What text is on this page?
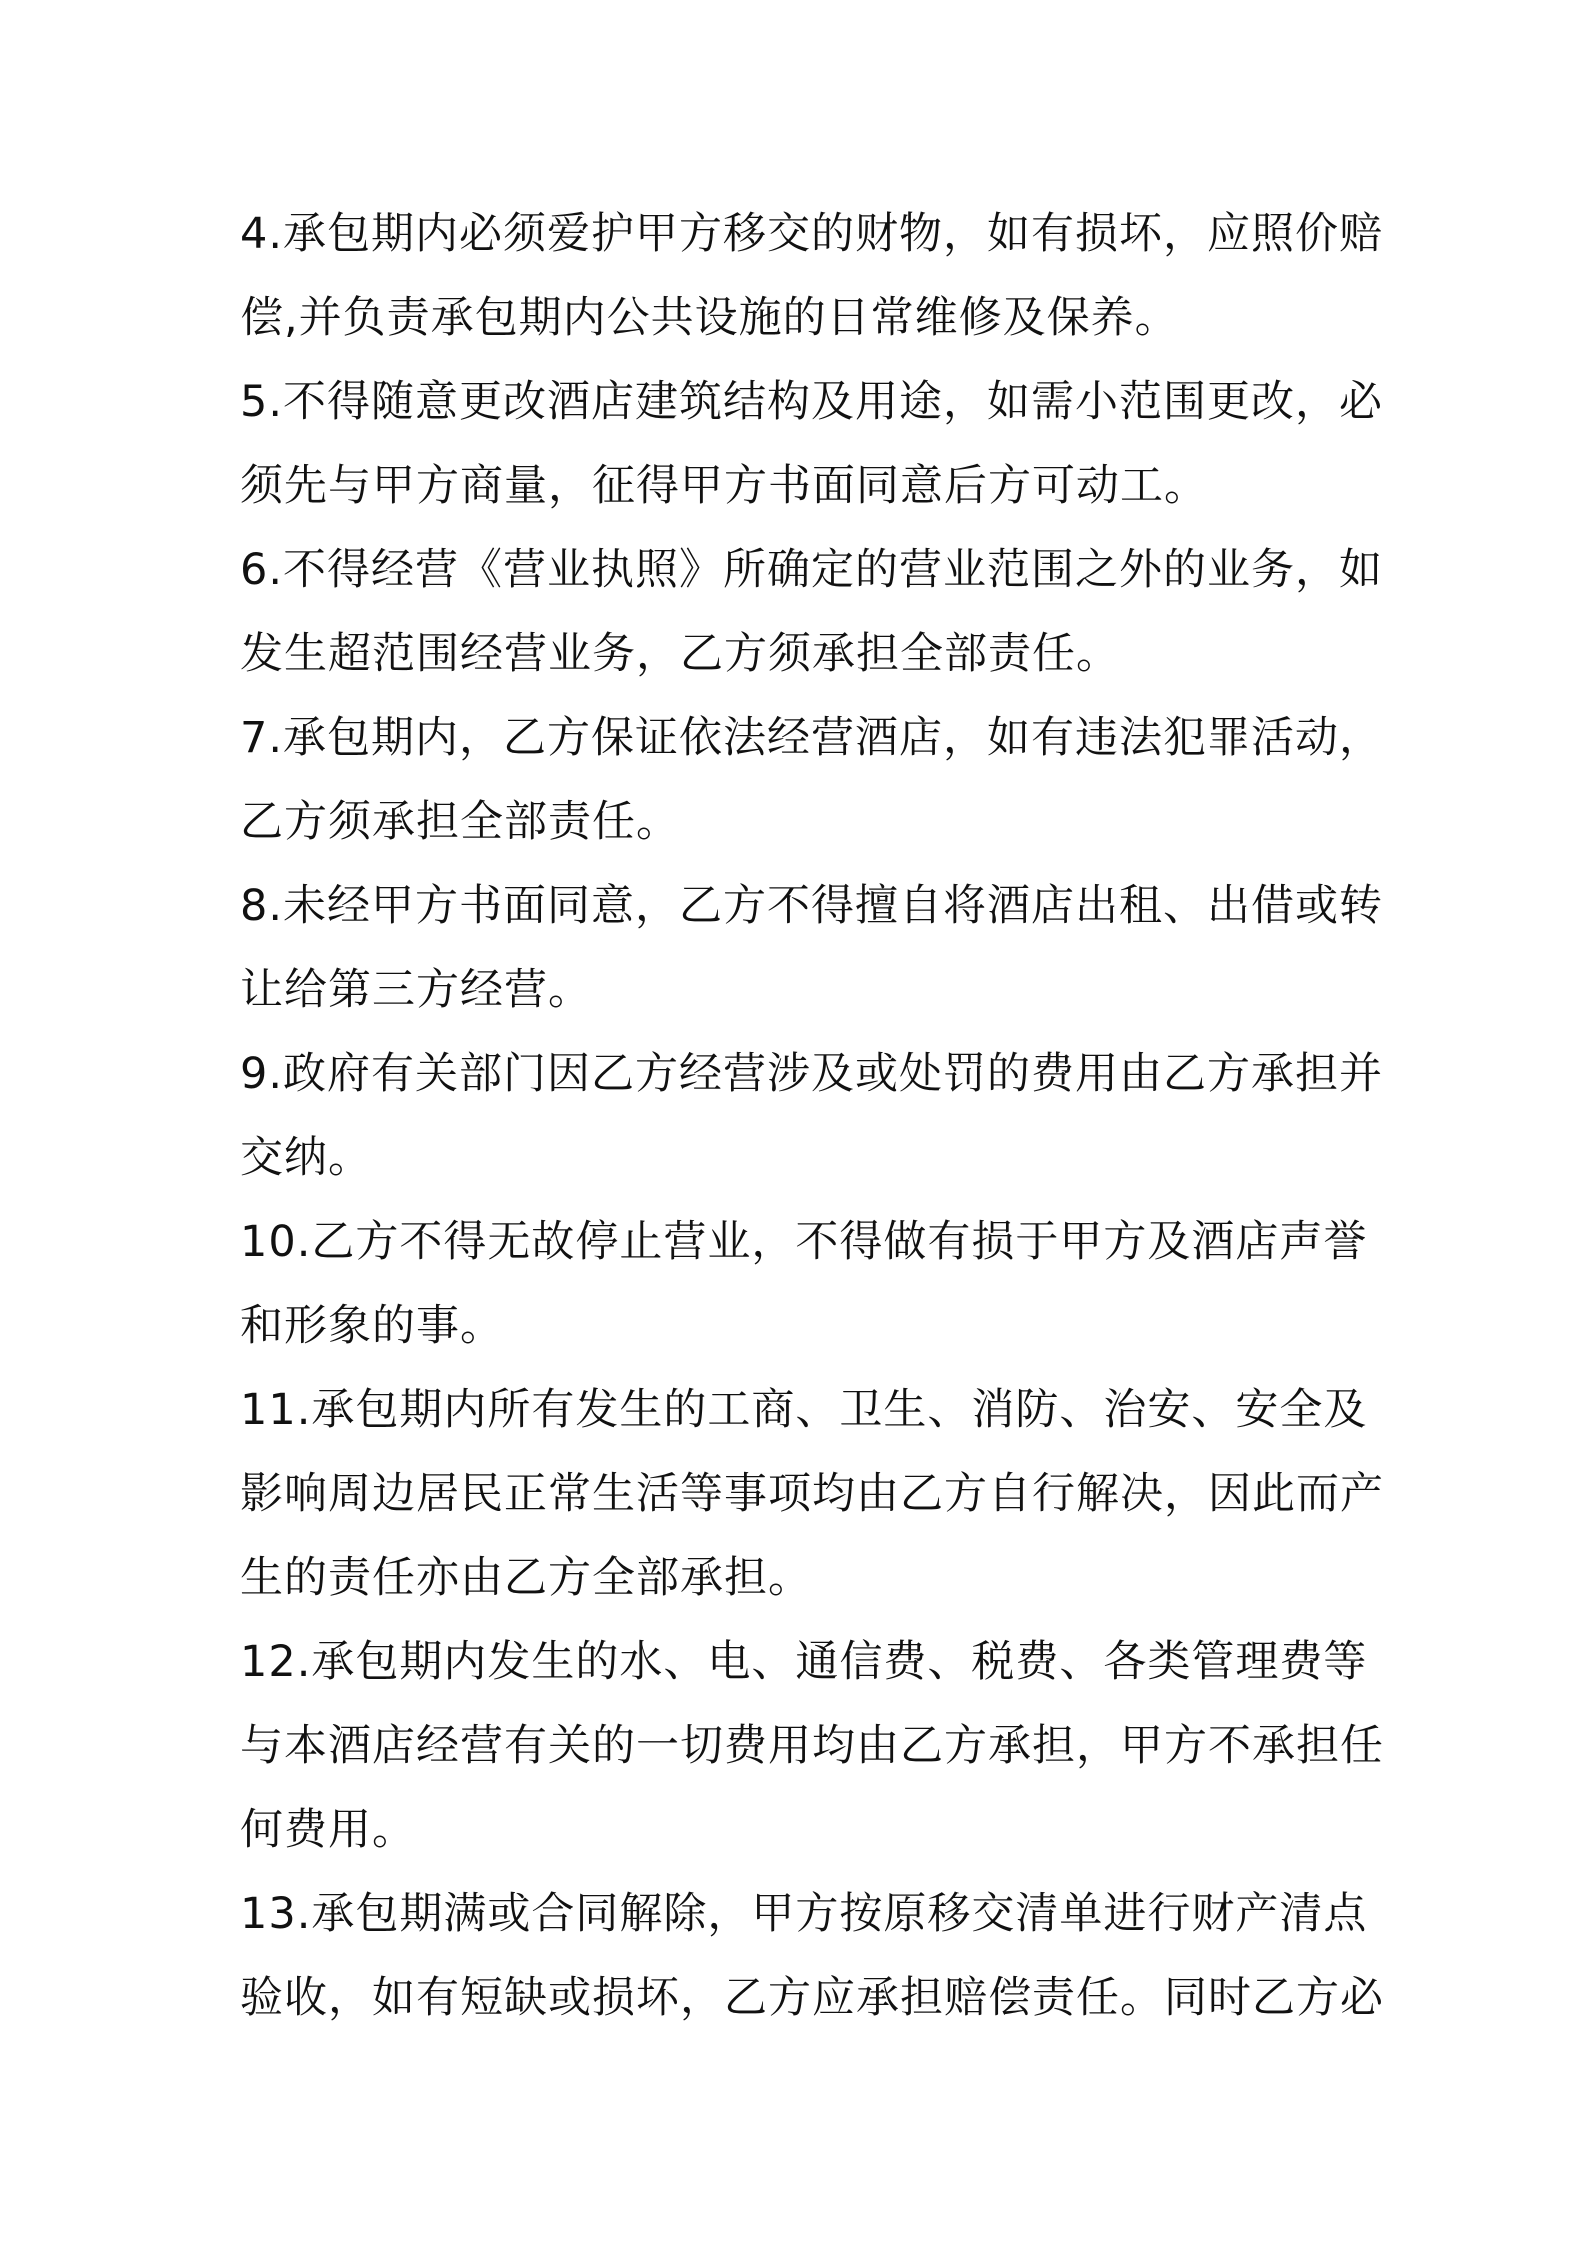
4.承包期内必须爱护甲方移交的财物，如有损坏，应照价赔
偿,并负责承包期内公共设施的日常维修及保养。
5.不得随意更改酒店建筑结构及用途，如需小范围更改，必
须先与甲方商量，征得甲方书面同意后方可动工。
6.不得经营《营业执照》所确定的营业范围之外的业务，如
发生超范围经营业务，乙方须承担全部责任。
7.承包期内，乙方保证依法经营酒店，如有违法犯罪活动，
乙方须承担全部责任。
8.未经甲方书面同意，乙方不得擅自将酒店出租、出借或转
让给第三方经营。
9.政府有关部门因乙方经营涉及或处罚的费用由乙方承担并
交纳。
10.乙方不得无故停止营业，不得做有损于甲方及酒店声誉
和形象的事。
11.承包期内所有发生的工商、卫生、消防、治安、安全及
影响周边居民正常生活等事项均由乙方自行解决，因此而产
生的责任亦由乙方全部承担。
12.承包期内发生的水、电、通信费、税费、各类管理费等
与本酒店经营有关的一切费用均由乙方承担，甲方不承担任
何费用。
13.承包期满或合同解除，甲方按原移交清单进行财产清点
验收，如有短缺或损坏，乙方应承担赔偿责任。同时乙方必
